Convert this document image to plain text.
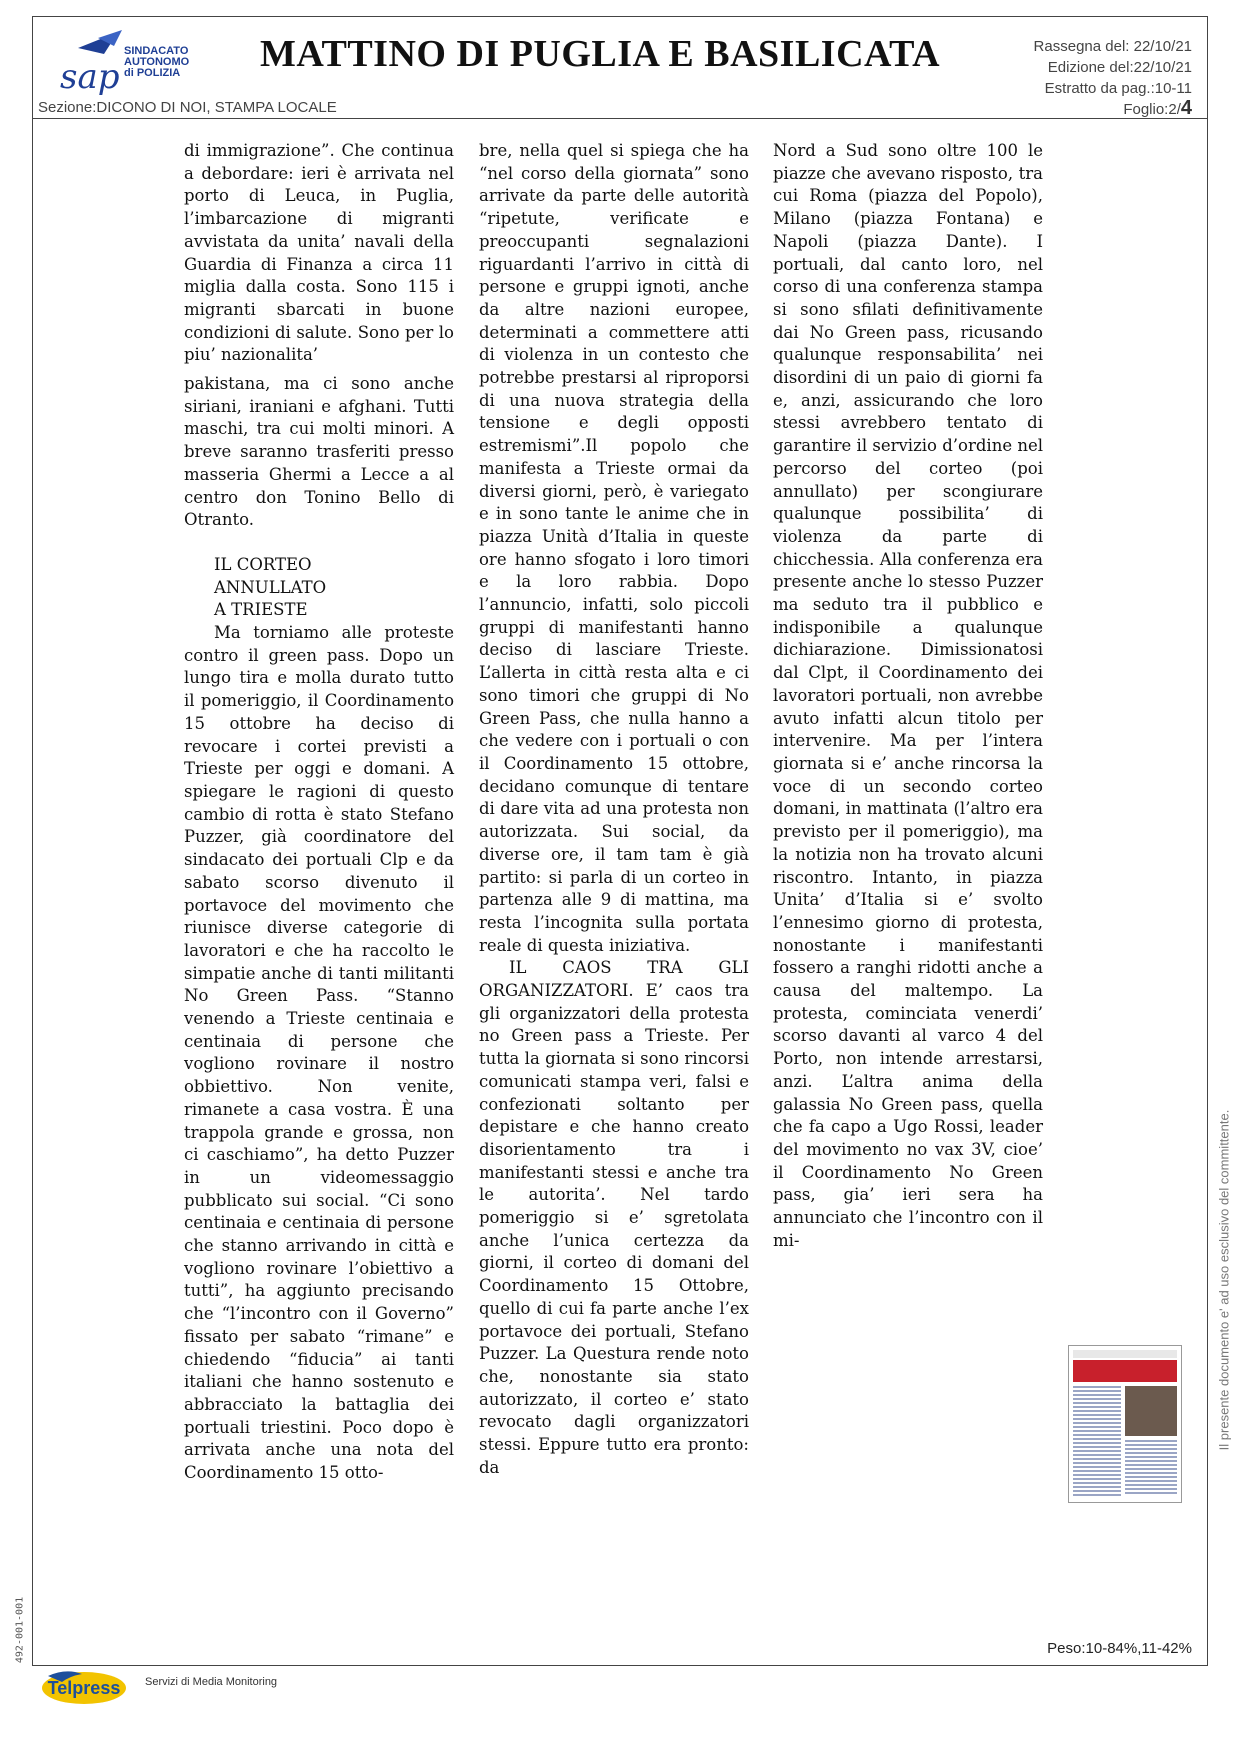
sap
SINDACATO
AUTONOMO
di POLIZIA MATTINO DI PUGLIA E BASILICATA	Rassegna del: 22/10/21
Edizione del:22/10/21
Estratto da pag.:10-11
Sezione:DICONO DI NOI, STAMPA LOCALE	Foglio:2/4

di immigrazione”. Che continua a debordare: ieri è arrivata nel porto di Leuca, in Puglia, l’imbarcazione di migranti avvistata da unita’ navali della Guardia di Finanza a circa 11 miglia dalla costa. Sono 115 i migranti sbarcati in buone condizioni di salute. Sono per lo piu’ nazionalita’

pakistana, ma ci sono anche siriani, iraniani e afghani. Tutti maschi, tra cui molti minori. A breve saranno trasferiti presso masseria Ghermi a Lecce a al centro don Tonino Bello di Otranto.

IL CORTEO
ANNULLATO
A TRIESTE

Ma torniamo alle proteste contro il green pass. Dopo un lungo tira e molla durato tutto il pomeriggio, il Coordinamento 15 ottobre ha deciso di revocare i cortei previsti a Trieste per oggi e domani. A spiegare le ragioni di questo cambio di rotta è stato Stefano Puzzer, già coordinatore del sindacato dei portuali Clp e da sabato scorso divenuto il portavoce del movimento che riunisce diverse categorie di lavoratori e che ha raccolto le simpatie anche di tanti militanti No Green Pass. “Stanno venendo a Trieste centinaia e centinaia di persone che vogliono rovinare il nostro obbiettivo. Non venite, rimanete a casa vostra. È una trappola grande e grossa, non ci caschiamo”, ha detto Puzzer in un videomessaggio pubblicato sui social. “Ci sono centinaia e centinaia di persone che stanno arrivando in città e vogliono rovinare l’obiettivo a tutti”, ha aggiunto precisando che “l’incontro con il Governo” fissato per sabato “rimane” e chiedendo “fiducia” ai tanti italiani che hanno sostenuto e abbracciato la battaglia dei portuali triestini. Poco dopo è arrivata anche una nota del Coordinamento 15 otto-

bre, nella quel si spiega che ha “nel corso della giornata” sono arrivate da parte delle autorità “ripetute, verificate e preoccupanti segnalazioni riguardanti l’arrivo in città di persone e gruppi ignoti, anche da altre nazioni europee, determinati a commettere atti di violenza in un contesto che potrebbe prestarsi al riproporsi di una nuova strategia della tensione e degli opposti estremismi”.Il popolo che manifesta a Trieste ormai da diversi giorni, però, è variegato e in sono tante le anime che in piazza Unità d’Italia in queste ore hanno sfogato i loro timori e la loro rabbia. Dopo l’annuncio, infatti, solo piccoli gruppi di manifestanti hanno deciso di lasciare Trieste. L’allerta in città resta alta e ci sono timori che gruppi di No Green Pass, che nulla hanno a che vedere con i portuali o con il Coordinamento 15 ottobre, decidano comunque di tentare di dare vita ad una protesta non autorizzata. Sui social, da diverse ore, il tam tam è già partito: si parla di un corteo in partenza alle 9 di mattina, ma resta l’incognita sulla portata reale di questa iniziativa.

IL CAOS TRA GLI ORGANIZZATORI. E’ caos tra gli organizzatori della protesta no Green pass a Trieste. Per tutta la giornata si sono rincorsi comunicati stampa veri, falsi e confezionati soltanto per depistare e che hanno creato disorientamento tra i manifestanti stessi e anche tra le autorita’. Nel tardo pomeriggio si e’ sgretolata anche l’unica certezza da giorni, il corteo di domani del Coordinamento 15 Ottobre, quello di cui fa parte anche l’ex portavoce dei portuali, Stefano Puzzer. La Questura rende noto che, nonostante sia stato autorizzato, il corteo e’ stato revocato dagli organizzatori stessi. Eppure tutto era pronto: da

Nord a Sud sono oltre 100 le piazze che avevano risposto, tra cui Roma (piazza del Popolo), Milano (piazza Fontana) e Napoli (piazza Dante). I portuali, dal canto loro, nel corso di una conferenza stampa si sono sfilati definitivamente dai No Green pass, ricusando qualunque responsabilita’ nei disordini di un paio di giorni fa e, anzi, assicurando che loro stessi avrebbero tentato di garantire il servizio d’ordine nel percorso del corteo (poi annullato) per scongiurare qualunque possibilita’ di violenza da parte di chicchessia. Alla conferenza era presente anche lo stesso Puzzer ma seduto tra il pubblico e indisponibile a qualunque dichiarazione. Dimissionatosi dal Clpt, il Coordinamento dei lavoratori portuali, non avrebbe avuto infatti alcun titolo per intervenire. Ma per l’intera giornata si e’ anche rincorsa la voce di un secondo corteo domani, in mattinata (l’altro era previsto per il pomeriggio), ma la notizia non ha trovato alcuni riscontro. Intanto, in piazza Unita’ d’Italia si e’ svolto l’ennesimo giorno di protesta, nonostante i manifestanti fossero a ranghi ridotti anche a causa del maltempo. La protesta, cominciata venerdi’ scorso davanti al varco 4 del Porto, non intende arrestarsi, anzi. L’altra anima della galassia No Green pass, quella che fa capo a Ugo Rossi, leader del movimento no vax 3V, cioe’ il Coordinamento No Green pass, gia’ ieri sera ha annunciato che l’incontro con il mi-

Peso:10-84%,11-42%
Il presente documento e' ad uso esclusivo del committente.
492-001-001
Telpress Servizi di Media Monitoring
